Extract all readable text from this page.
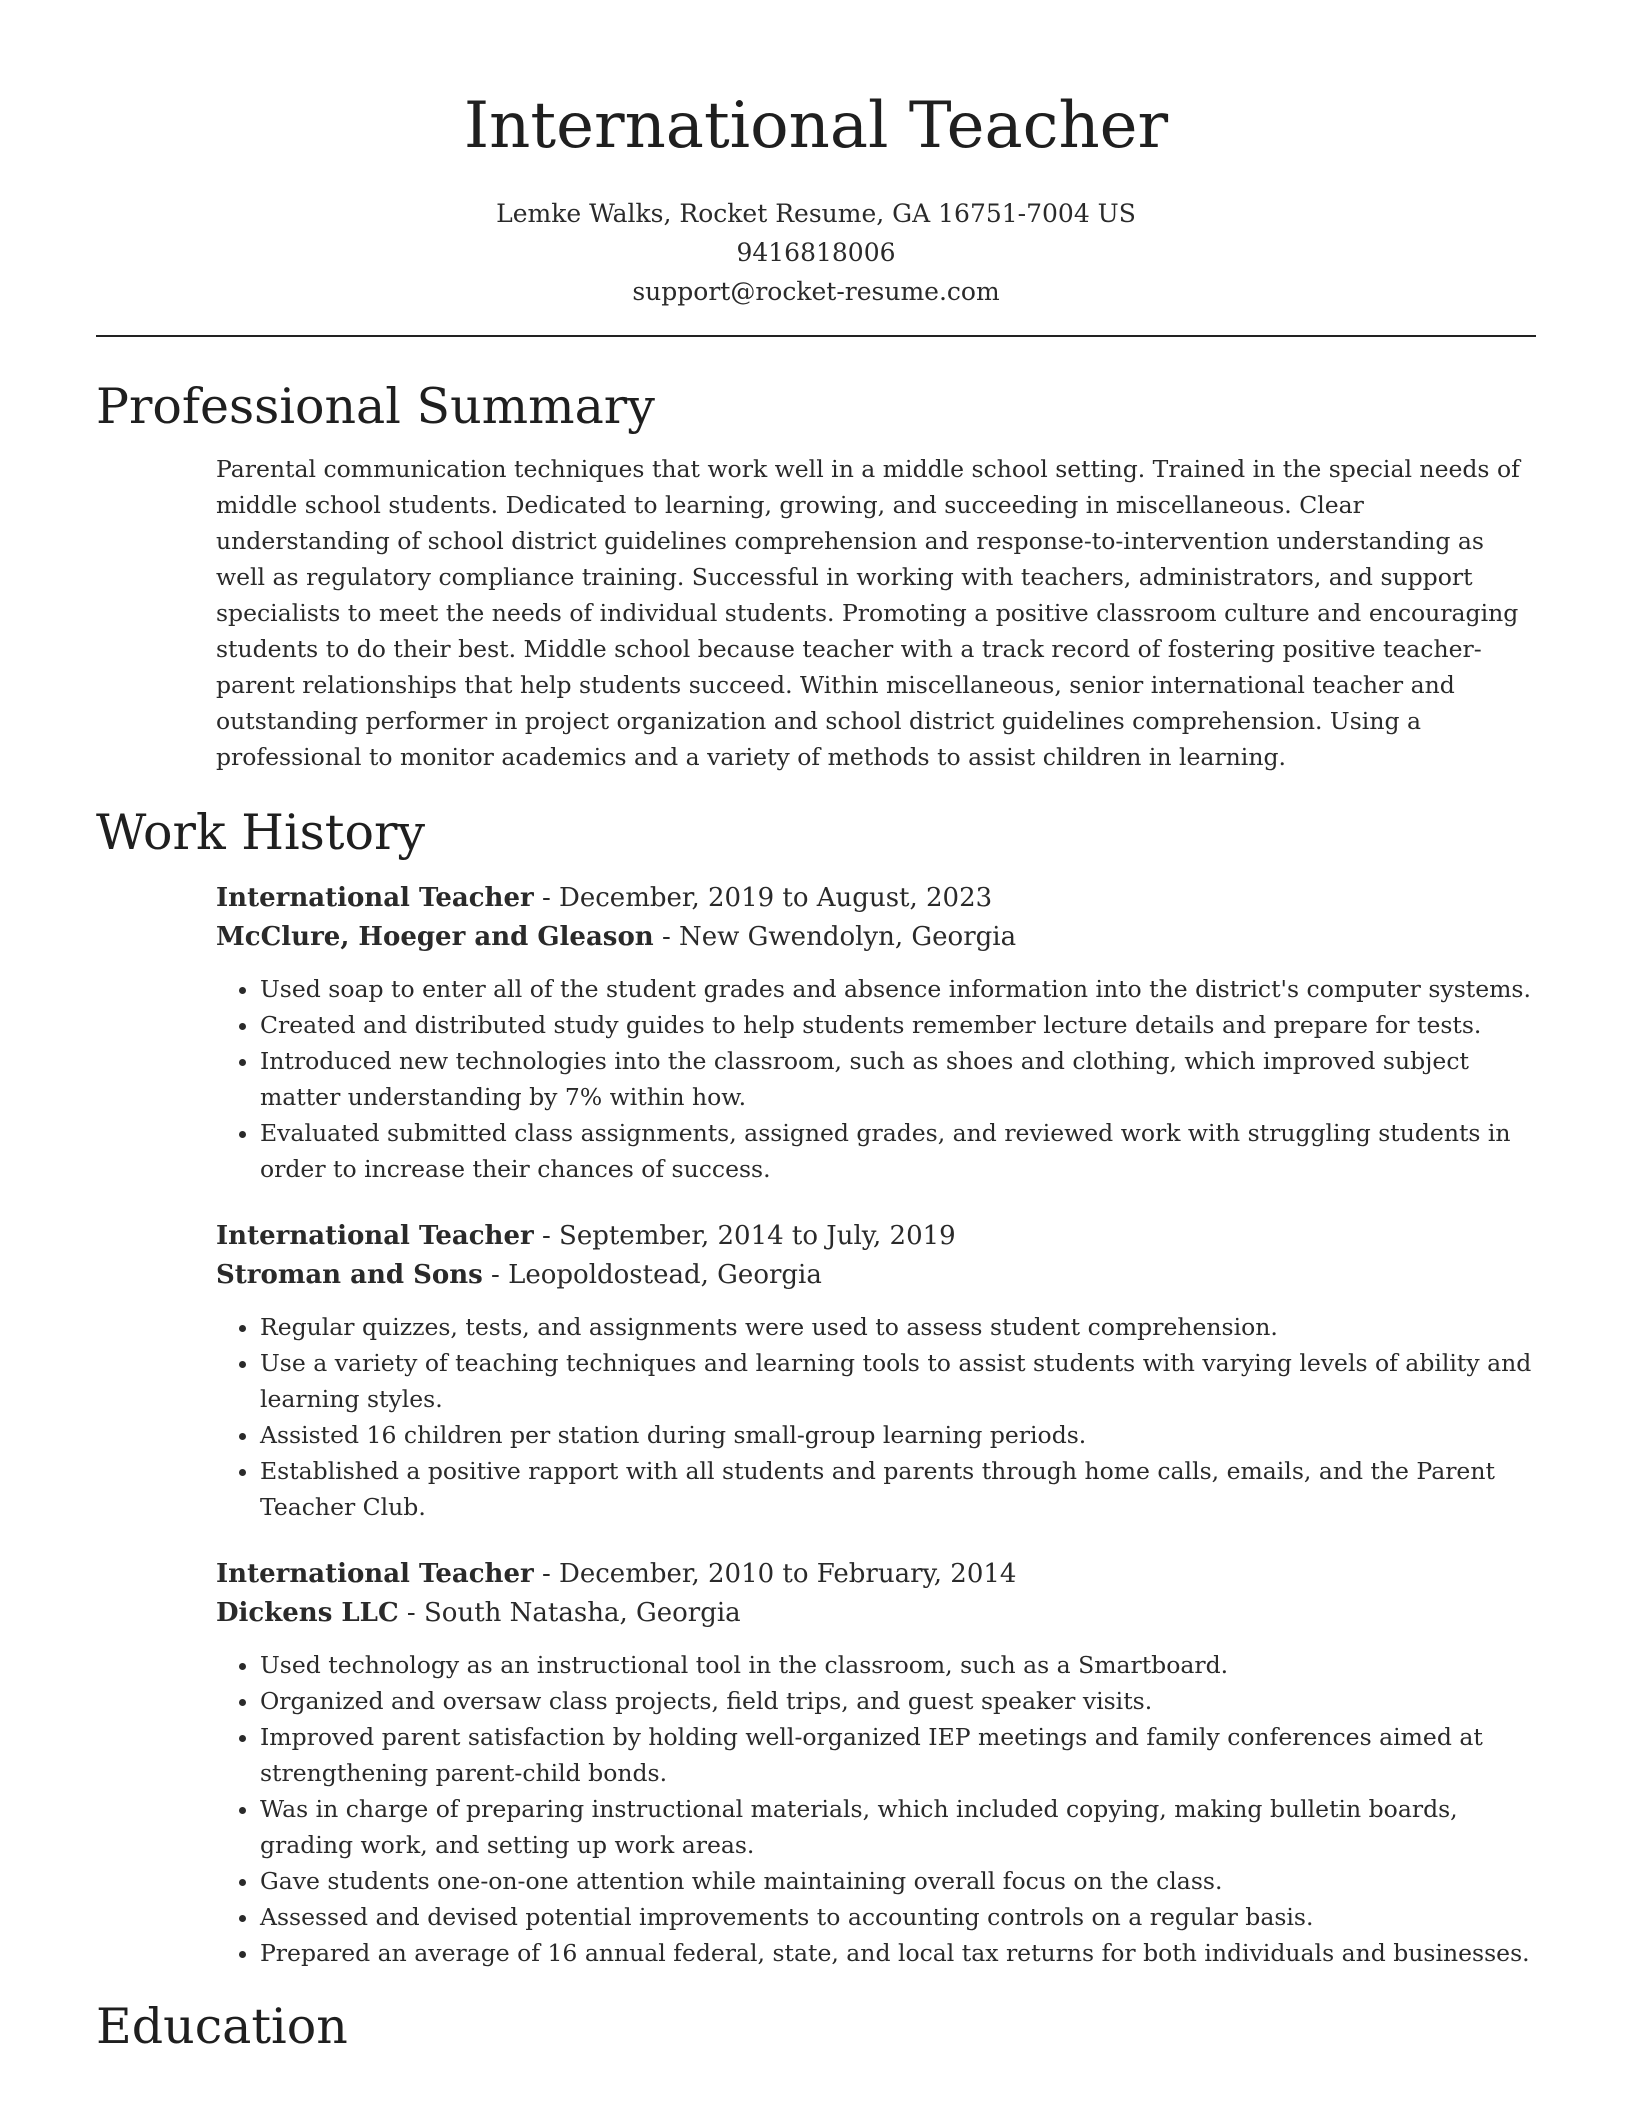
International Teacher
Lemke Walks, Rocket Resume, GA 16751-7004 US
9416818006
support@rocket-resume.com
Professional Summary
Parental communication techniques that work well in a middle school setting. Trained in the special needs of middle school students. Dedicated to learning, growing, and succeeding in miscellaneous. Clear understanding of school district guidelines comprehension and response-to-intervention understanding as well as regulatory compliance training. Successful in working with teachers, administrators, and support specialists to meet the needs of individual students. Promoting a positive classroom culture and encouraging students to do their best. Middle school because teacher with a track record of fostering positive teacher-parent relationships that help students succeed. Within miscellaneous, senior international teacher and outstanding performer in project organization and school district guidelines comprehension. Using a professional to monitor academics and a variety of methods to assist children in learning.
Work History
International Teacher - December, 2019 to August, 2023
McClure, Hoeger and Gleason - New Gwendolyn, Georgia
• Used soap to enter all of the student grades and absence information into the district's computer systems.
• Created and distributed study guides to help students remember lecture details and prepare for tests.
• Introduced new technologies into the classroom, such as shoes and clothing, which improved subject matter understanding by 7% within how.
• Evaluated submitted class assignments, assigned grades, and reviewed work with struggling students in order to increase their chances of success.
International Teacher - September, 2014 to July, 2019
Stroman and Sons - Leopoldostead, Georgia
• Regular quizzes, tests, and assignments were used to assess student comprehension.
• Use a variety of teaching techniques and learning tools to assist students with varying levels of ability and learning styles.
• Assisted 16 children per station during small-group learning periods.
• Established a positive rapport with all students and parents through home calls, emails, and the Parent Teacher Club.
International Teacher - December, 2010 to February, 2014
Dickens LLC - South Natasha, Georgia
• Used technology as an instructional tool in the classroom, such as a Smartboard.
• Organized and oversaw class projects, field trips, and guest speaker visits.
• Improved parent satisfaction by holding well-organized IEP meetings and family conferences aimed at strengthening parent-child bonds.
• Was in charge of preparing instructional materials, which included copying, making bulletin boards, grading work, and setting up work areas.
• Gave students one-on-one attention while maintaining overall focus on the class.
• Assessed and devised potential improvements to accounting controls on a regular basis.
• Prepared an average of 16 annual federal, state, and local tax returns for both individuals and businesses.
Education
